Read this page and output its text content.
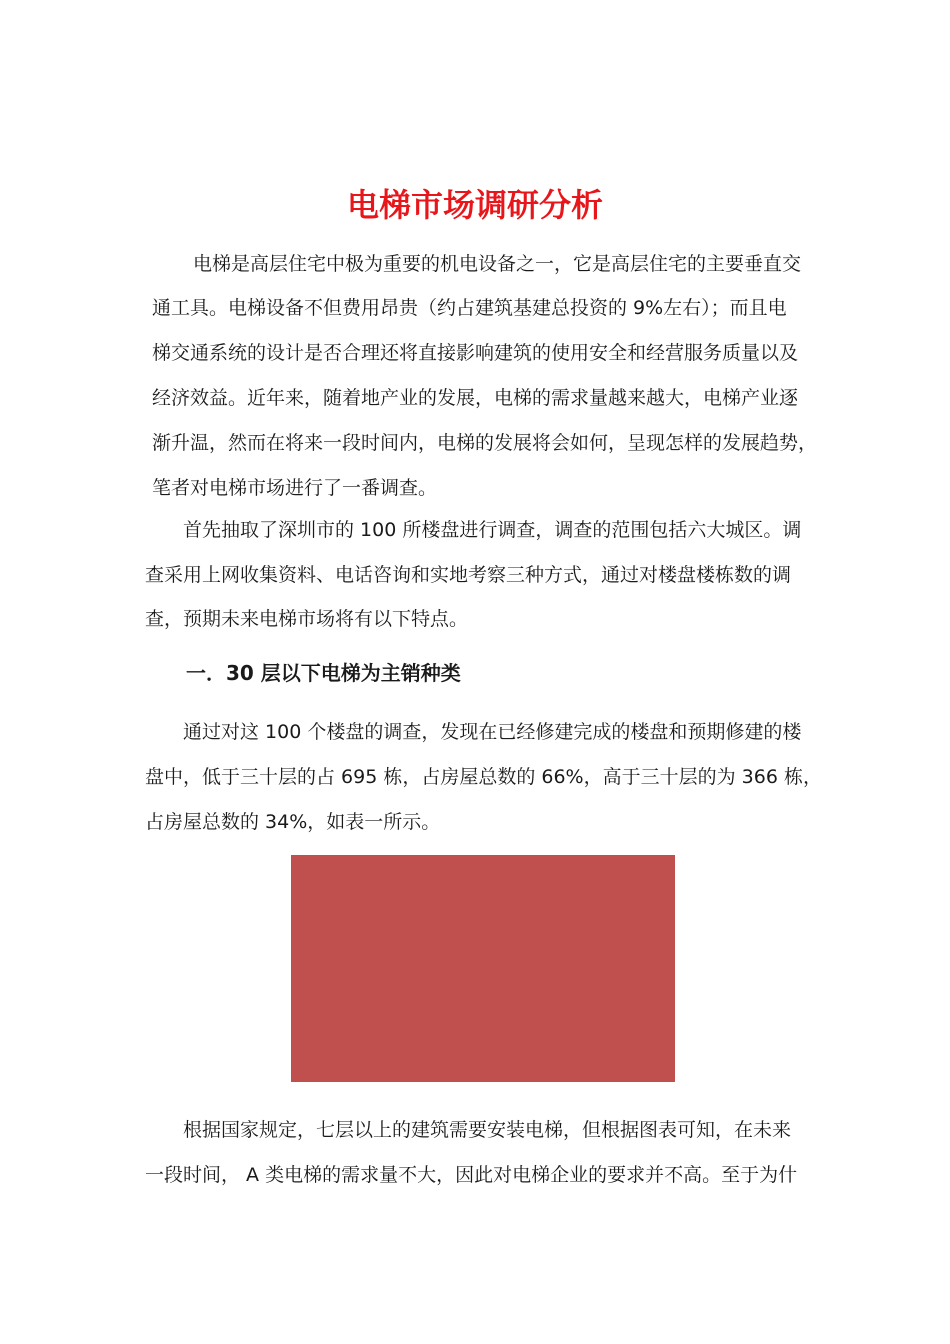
电梯市场调研分析

电梯是高层住宅中极为重要的机电设备之一，它是高层住宅的主要垂直交

通工具。电梯设备不但费用昂贵（约占建筑基建总投资的 9%左右）；而且电

梯交通系统的设计是否合理还将直接影响建筑的使用安全和经营服务质量以及

经济效益。近年来，随着地产业的发展，电梯的需求量越来越大，电梯产业逐

渐升温，然而在将来一段时间内，电梯的发展将会如何，呈现怎样的发展趋势，

笔者对电梯市场进行了一番调查。

首先抽取了深圳市的 100 所楼盘进行调查，调查的范围包括六大城区。调

查采用上网收集资料、电话咨询和实地考察三种方式，通过对楼盘楼栋数的调

查，预期未来电梯市场将有以下特点。

一．30 层以下电梯为主销种类

通过对这 100 个楼盘的调查，发现在已经修建完成的楼盘和预期修建的楼

盘中，低于三十层的占 695 栋，占房屋总数的 66%，高于三十层的为 366 栋，

占房屋总数的 34%，如表一所示。

根据国家规定，七层以上的建筑需要安装电梯，但根据图表可知，在未来

一段时间， A 类电梯的需求量不大，因此对电梯企业的要求并不高。至于为什
